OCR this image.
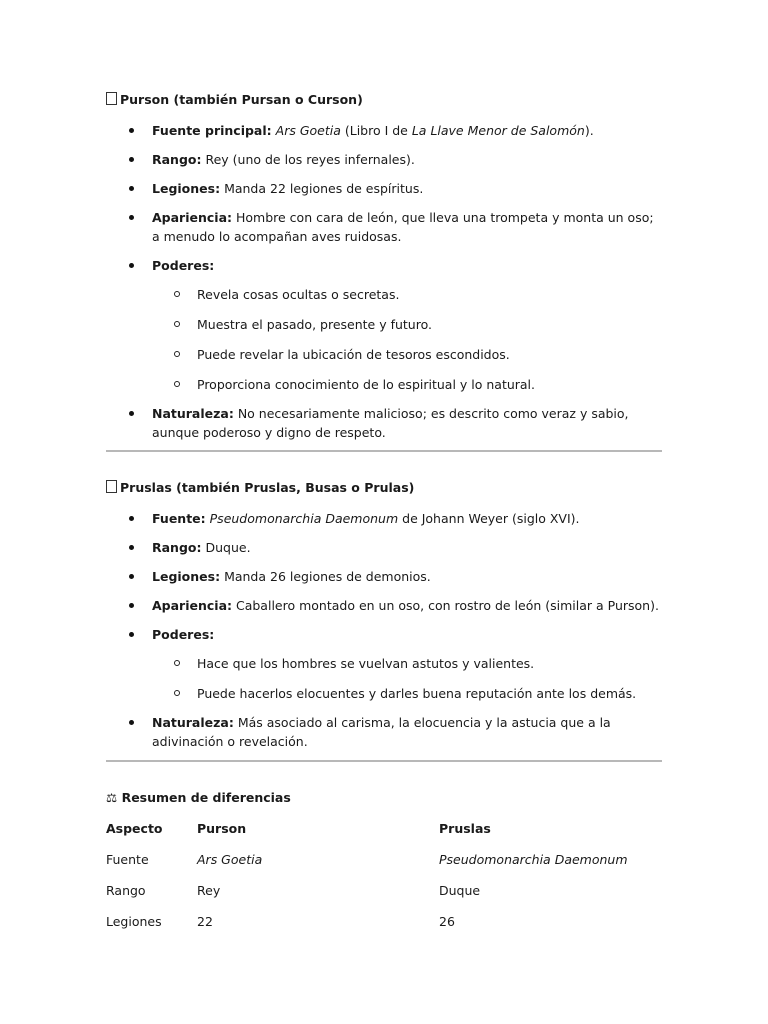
Purson (también Pursan o Curson)

Fuente principal: Ars Goetia (Libro I de La Llave Menor de Salomón).
Rango: Rey (uno de los reyes infernales).
Legiones: Manda 22 legiones de espíritus.
Apariencia: Hombre con cara de león, que lleva una trompeta y monta un oso; a menudo lo acompañan aves ruidosas.
Poderes:
Revela cosas ocultas o secretas.
Muestra el pasado, presente y futuro.
Puede revelar la ubicación de tesoros escondidos.
Proporciona conocimiento de lo espiritual y lo natural.
Naturaleza: No necesariamente malicioso; es descrito como veraz y sabio, aunque poderoso y digno de respeto.

Pruslas (también Pruslas, Busas o Prulas)

Fuente: Pseudomonarchia Daemonum de Johann Weyer (siglo XVI).
Rango: Duque.
Legiones: Manda 26 legiones de demonios.
Apariencia: Caballero montado en un oso, con rostro de león (similar a Purson).
Poderes:
Hace que los hombres se vuelvan astutos y valientes.
Puede hacerlos elocuentes y darles buena reputación ante los demás.
Naturaleza: Más asociado al carisma, la elocuencia y la astucia que a la adivinación o revelación.

⚖ Resumen de diferencias

Aspecto	Purson	Pruslas
Fuente	Ars Goetia	Pseudomonarchia Daemonum
Rango	Rey	Duque
Legiones	22	26
